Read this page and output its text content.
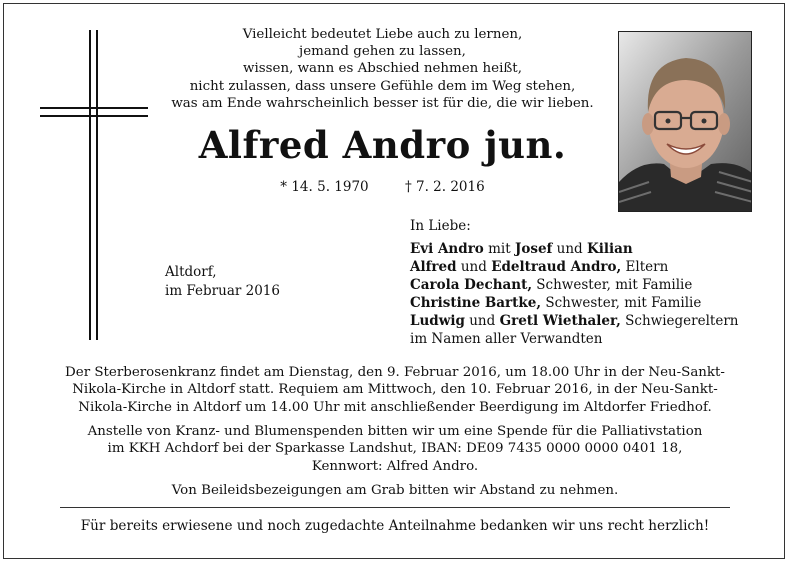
Vielleicht bedeutet Liebe auch zu lernen,
jemand gehen zu lassen,
wissen, wann es Abschied nehmen heißt,
nicht zulassen, dass unsere Gefühle dem im Weg stehen,
was am Ende wahrscheinlich besser ist für die, die wir lieben.
Alfred Andro jun.
* 14. 5. 1970	† 7. 2. 2016
Altdorf,
im Februar 2016
In Liebe:
Evi Andro mit Josef und Kilian
Alfred und Edeltraud Andro, Eltern
Carola Dechant, Schwester, mit Familie
Christine Bartke, Schwester, mit Familie
Ludwig und Gretl Wiethaler, Schwiegereltern
im Namen aller Verwandten
Der Sterberosenkranz findet am Dienstag, den 9. Februar 2016, um 18.00 Uhr in der Neu-Sankt-
Nikola-Kirche in Altdorf statt. Requiem am Mittwoch, den 10. Februar 2016, in der Neu-Sankt-
Nikola-Kirche in Altdorf um 14.00 Uhr mit anschließender Beerdigung im Altdorfer Friedhof.
Anstelle von Kranz- und Blumenspenden bitten wir um eine Spende für die Palliativstation
im KKH Achdorf bei der Sparkasse Landshut, IBAN: DE09 7435 0000 0000 0401 18,
Kennwort: Alfred Andro.
Von Beileidsbezeigungen am Grab bitten wir Abstand zu nehmen.
Für bereits erwiesene und noch zugedachte Anteilnahme bedanken wir uns recht herzlich!
